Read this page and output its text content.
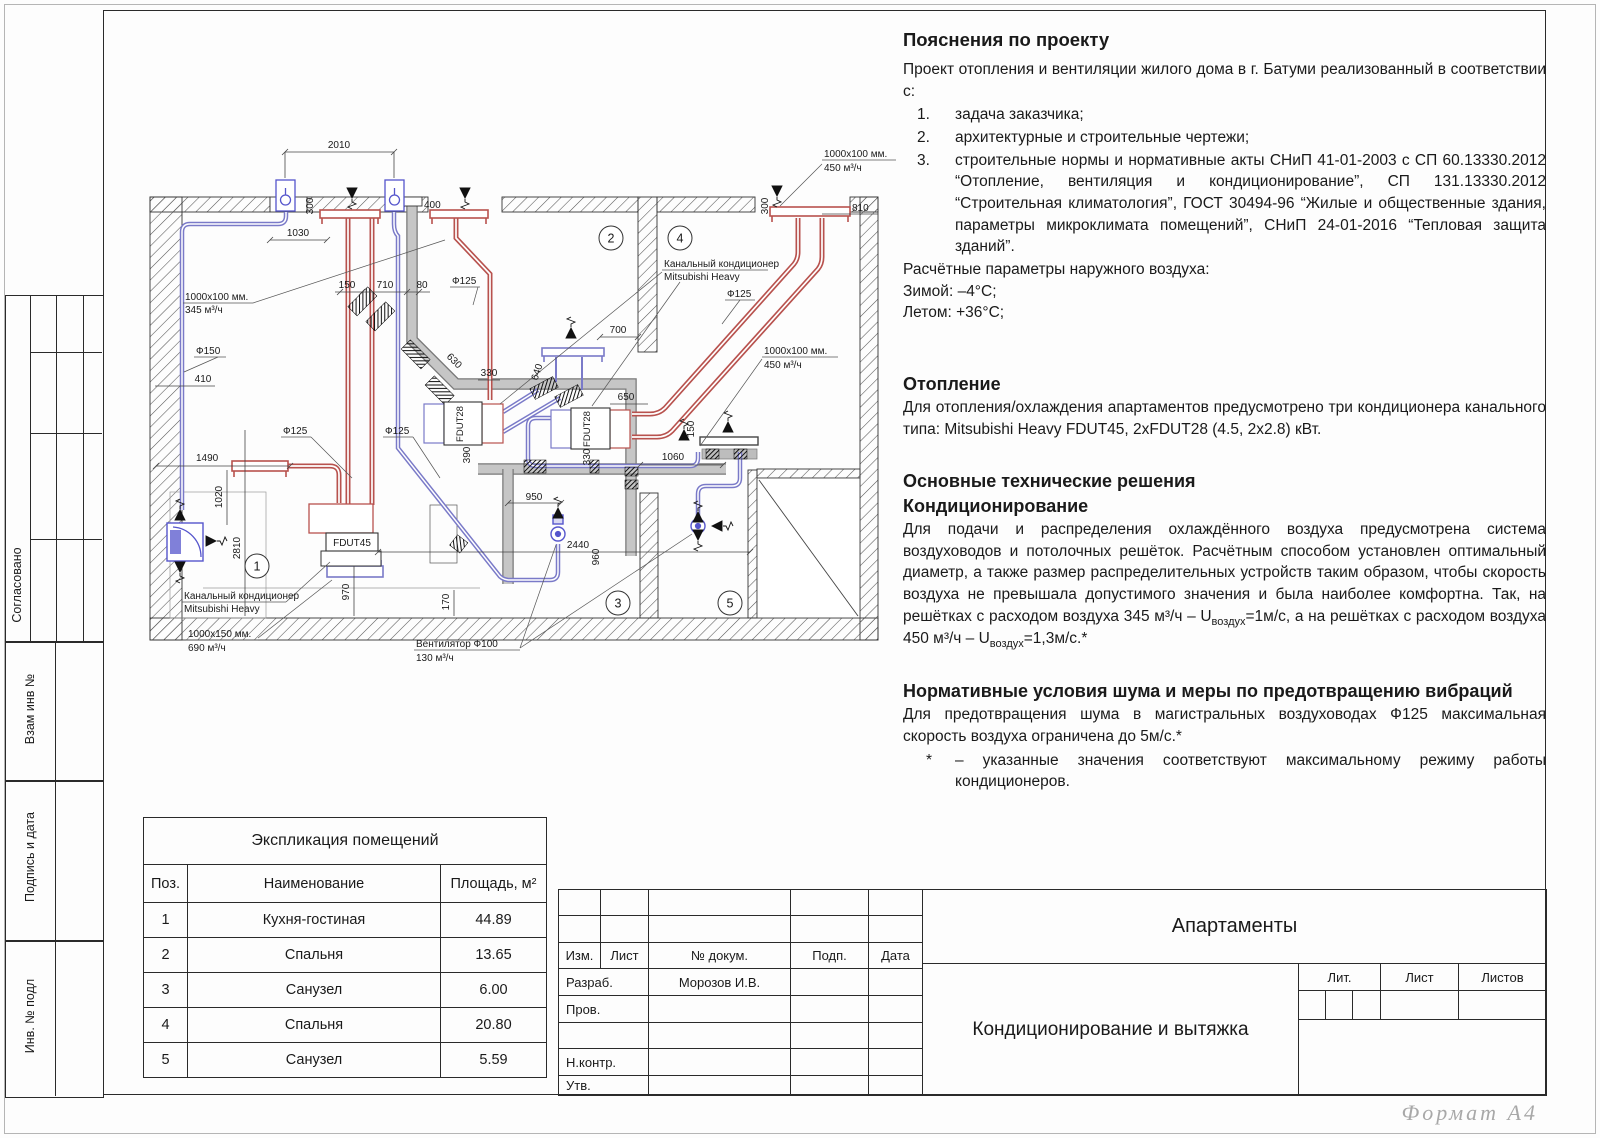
Согласовано
Взам инв №
Подпись и дата
Инв. № подл
Пояснения по проекту

Проект отопления и вентиляции жилого дома в г. Батуми реализованный в соответствии с:

задача заказчика;
архитектурные и строительные чертежи;
строительные нормы и нормативные акты СНиП 41-01-2003 с СП 60.13330.2012 “Отопление, вентиляция и кондиционирование”, СП 131.13330.2012 “Строительная климатология”, ГОСТ 30494-96 “Жилые и общественные здания, параметры микроклимата помещений”, СНиП 24-01-2016 “Тепловая защита зданий”.

Расчётные параметры наружного воздуха:

Зимой: –4°С;

Летом: +36°С;

Отопление

Для отопления/охлаждения апартаментов предусмотрено три кондиционера канального типа: Mitsubishi Heavy FDUT45, 2хFDUT28 (4.5, 2х2.8) кВт.

Основные технические решения
Кондиционирование

Для подачи и распределения охлаждённого воздуха предусмотрена система воздуховодов и потолочных решёток. Расчётным способом установлен оптимальный диаметр, а также размер распределительных устройств таким образом, чтобы скорость воздуха не превышала допустимого значения и была наиболее комфортна. Так, на решётках с расходом воздуха 345 $м^3/ч - U_{воздух}=1м/с$, а на решётках с расходом воздуха 450 $м^3/ч - U_{воздух}=1,3м/с.*$

Нормативные условия шума и меры по предотвращению вибраций

Для предотвращения шума в магистральных воздуховодах Ф125 максимальная скорость воздуха ограничена до 5м/с.*

*	– указанные значения соответствуют максимальному режиму работы кондиционеров.

Экспликация помещений
Поз.	Наименование	Площадь, м²
1	Кухня-гостиная	44.89
2	Спальня	13.65
3	Санузел	6.00
4	Спальня	20.80
5	Санузел	5.59
Изм.	Лист	№ докум.	Подп.	Дата
Разраб.	Морозов И.В.
Пров.
Н.контр.
Утв.
Апартаменты
Кондиционирование и вытяжка
Лит.	Лист	Листов
Формат А4
FDUT45
FDUT28	FDUT28
2010
1030
300	400	300	810
150 710 80
410
1490
1020
2810
630
330	640
700
650
390	330
150
1060
950
960
970
170
2440
1000x100 мм.
345 м³/ч
Ф150
Ф125	Ф125
Ф125
Ф125
1000x100 мм.
450 м³/ч
1000x100 мм.
450 м³/ч
Канальный кондиционер
Mitsubishi Heavy
Канальный кондиционер
Mitsubishi Heavy
1000x150 мм.
690 м³/ч	Вентилятор Ф100
130 м³/ч
1
2	4
3	5
